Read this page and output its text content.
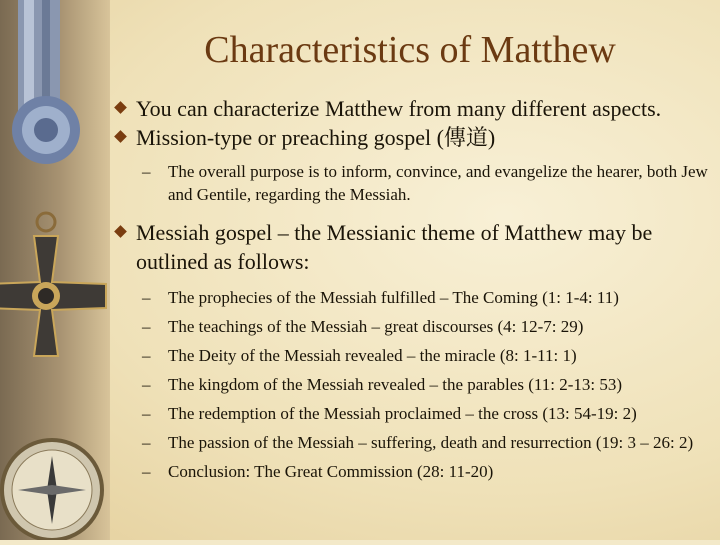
Characteristics of Matthew
You can characterize Matthew from many different aspects.
Mission-type or preaching gospel (傳道)
– The overall purpose is to inform, convince, and evangelize the hearer, both Jew and Gentile, regarding the Messiah.
Messiah gospel – the Messianic theme of Matthew may be outlined as follows:
– The prophecies of the Messiah fulfilled – The Coming (1: 1-4: 11)
– The teachings of the Messiah – great discourses (4: 12-7: 29)
– The Deity of the Messiah revealed – the miracle (8: 1-11: 1)
– The kingdom of the Messiah revealed – the parables (11: 2-13: 53)
– The redemption of the Messiah proclaimed – the cross (13: 54-19: 2)
– The passion of the Messiah – suffering, death and resurrection (19: 3 – 26: 2)
– Conclusion: The Great Commission (28: 11-20)
